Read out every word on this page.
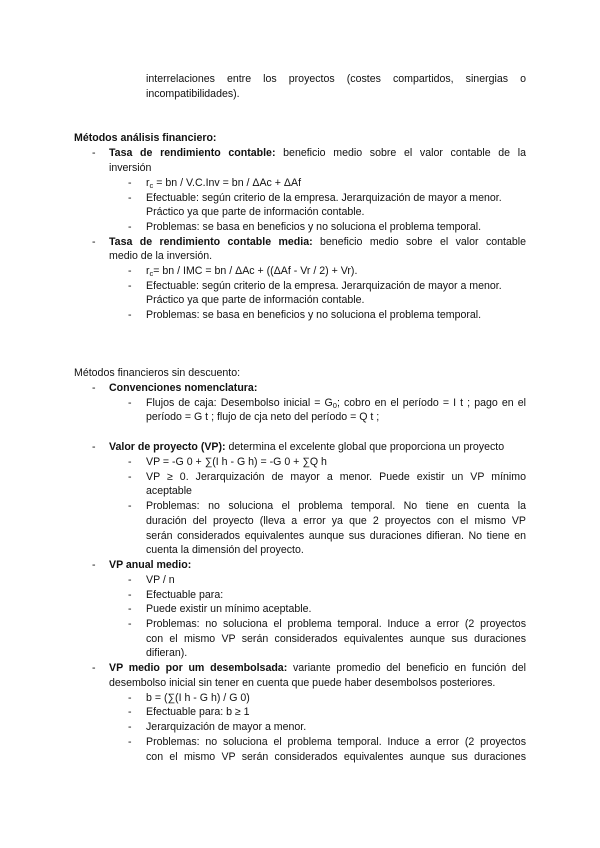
interrelaciones entre los proyectos (costes compartidos, sinergias o
incompatibilidades).
Métodos análisis financiero:
- Tasa de rendimiento contable: beneficio medio sobre el valor contable de la
inversión
- $r_c$ = bn / V.C.Inv = bn / ΔAc + ΔAf
- Efectuable: según criterio de la empresa. Jerarquización de mayor a menor.
Práctico ya que parte de información contable.
- Problemas: se basa en beneficios y no soluciona el problema temporal.
- Tasa de rendimiento contable media: beneficio medio sobre el valor contable
medio de la inversión.
- $r_c=$ bn / IMC = bn / ΔAc + ((ΔAf - Vr / 2) + Vr).
- Efectuable: según criterio de la empresa. Jerarquización de mayor a menor.
Práctico ya que parte de información contable.
- Problemas: se basa en beneficios y no soluciona el problema temporal.
Métodos financieros sin descuento:
- Convenciones nomenclatura:
- Flujos de caja: Desembolso inicial = $G_0$; cobro en el período = I t ; pago en el
período = G t ; flujo de cja neto del período = Q t ;
- Valor de proyecto (VP): determina el excelente global que proporciona un proyecto
- VP = -G 0 + ∑(I h - G h) = -G 0 + ∑Q h
- VP ≥ 0. Jerarquización de mayor a menor. Puede existir un VP mínimo
aceptable
- Problemas: no soluciona el problema temporal. No tiene en cuenta la
duración del proyecto (lleva a error ya que 2 proyectos con el mismo VP
serán considerados equivalentes aunque sus duraciones difieran. No tiene en
cuenta la dimensión del proyecto.
- VP anual medio:
- VP / n
- Efectuable para:
- Puede existir un mínimo aceptable.
- Problemas: no soluciona el problema temporal. Induce a error (2 proyectos
con el mismo VP serán considerados equivalentes aunque sus duraciones
difieran).
- VP medio por um desembolsada: variante promedio del beneficio en función del
desembolso inicial sin tener en cuenta que puede haber desembolsos posteriores.
- b = (∑(I h - G h) / G 0)
- Efectuable para: b ≥ 1
- Jerarquización de mayor a menor.
- Problemas: no soluciona el problema temporal. Induce a error (2 proyectos
con el mismo VP serán considerados equivalentes aunque sus duraciones
